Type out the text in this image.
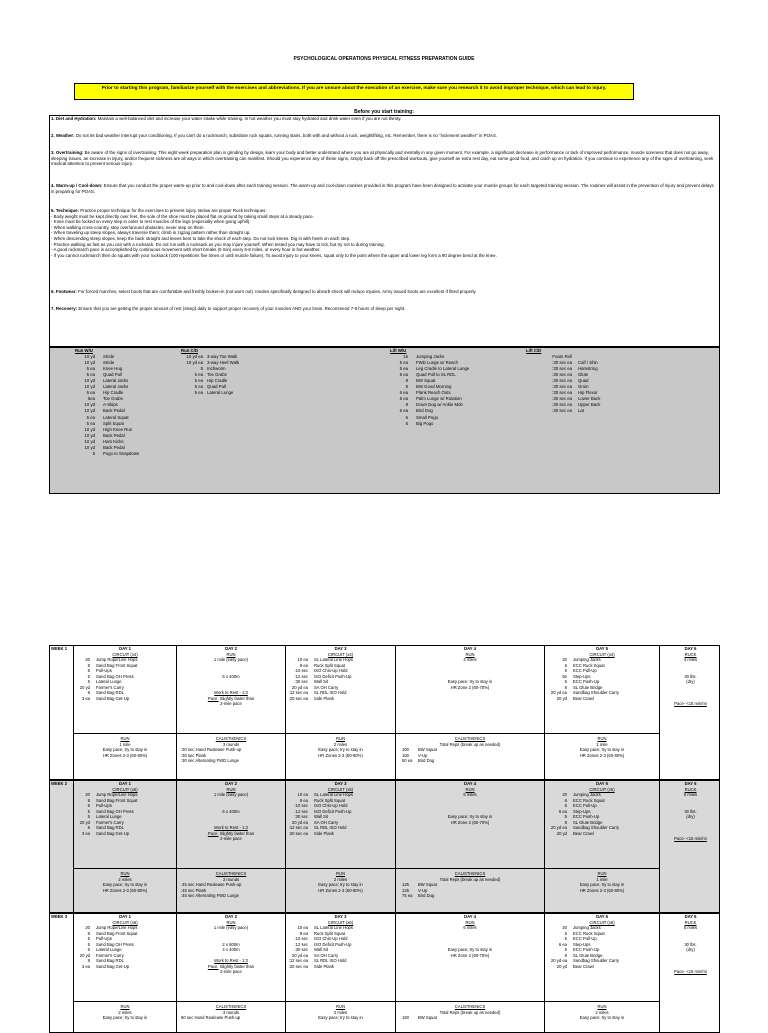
PSYCHOLOGICAL OPERATIONS PHYSICAL FITNESS PREPARATION GUIDE
Prior to starting this program, familiarize yourself with the exercises and abbreviations. If you are unsure about the execution of an exercise, make sure you research it to avoid improper technique, which can lead to injury.
Before you start training:

1. Diet and Hydration: Maintain a well-balanced diet and increase your water intake while training. In hot weather you must stay hydrated and drink water even if you are not thirsty.

2. Weather: Do not let bad weather interrupt your conditioning. If you can't do a ruckmarch, substitute ruck squats, running stairs, both with and without a ruck, weightlifting, etc. Remember, there is no "inclement weather" in POAS.

3. Overtraining: Be aware of the signs of overtraining. This eight week preparation plan is grinding by design, learn your body and better understand where you are at physically and mentally in any given moment. For example, a significant decrease in performance or lack of improved performance, muscle soreness that does not go away, sleeping issues, an increase in injury, and/or frequent sickness are all ways in which overtraining can manifest. Should you experience any of these signs, simply back off the prescribed workouts, give yourself an extra rest day, eat some good food, and catch up on hydration. If you continue to experience any of the signs of overtraining, seek medical attention to prevent serious injury.

4. Warm-up / Cool-down: Ensure that you conduct the proper warm-up prior to and cool-down after each training session. The warm-up and cool-down routines provided in this program have been designed to activate your muscle groups for each targeted training session. The routines will assist in the prevention of injury and prevent delays in preparing for POAS.

5. Technique: Practice proper technique for the exercises to prevent injury. Below are proper Ruck techniques:
- Body weight must be kept directly over feet, the sole of the shoe must be placed flat on ground by taking small steps at a steady pace.
- Knee must be locked on every step in order to rest muscles of the legs (especially when going uphill).
- When walking cross-country, step over/around obstacles; never step on them.
- When traveling up steep slopes, always traverse them; climb in zigzag pattern rather than straight up.
- When descending steep slopes, keep the back straight and knees bent to take the shock of each step. Do not lock knees. Dig in with heels on each step.
- Practice walking as fast as you can with a rucksack. Do not run with a rucksack as you may injure yourself. When tested you may have to trot, but try not to during training.
- A good ruckmarch pace is accomplished by continuous movement with short breaks (5 min) every 6-8 miles, or every hour in hot weather.
- If you cannot ruckmarch then do squats with your rucksack (100 repetitions five times or until muscle failure). To avoid injury to your knees, squat only to the point where the upper and lower leg form a 90 degree bend at the knee.

6. Footwear: For forced marches, select boots that are comfortable and freshly broken-in (not worn out). Insoles specifically designed to absorb shock will reduce injuries. Army issued boots are excellent if fitted properly.

7. Recovery: Ensure that you are getting the proper amount of rest (sleep) daily to support proper recovery of your muscles AND your brain. Recommend 7-8 hours of sleep per night.

Run W/U
10 yd Stride
10 yd Stride
5 ea Knee Hug
5 ea Quad Pull
10 yd Lateral Jacks
10 yd Lateral Jacks
5 ea Hip Cradle
5ea Toe Grabs
10 yd A-Skips
10 yd Back Pedal
5 ea Lateral Squat
5 ea Split Squat
10 yd High Knee Run
10 yd Back Pedal
10 yd Ham Kicks
10 yd Back Pedal
5 Pogo to Snapdown
Run C/D
10 yd ea 3-way Toe Walk
10 yd ea 3-way Heel Walk
5 Inchworm
5 ea Toe Grabs
5 ea Hip Cradle
5 ea Quad Pull
5 ea Lateral Lunge
Lift W/U
15 Jumping Jacks
5 ea FWD Lunge w/ Reach
5 ea Leg Cradle to Lateral Lunge
5 ea Quad Pull to SL RDL
8 BW Squat
8 BW Good Morning
6 ea Plank Reach Outs
5 ea Palm Lunge w/ Rotation
8 Down Dog w/ Ankle Mob
6 ea Bird Dog
6 Small Pogo
6 Big Pogo
Lift C/D
Foam Roll
:30 sec ea Calf / Shin
:30 sec ea Hamstring
:30 sec ea Glute
:30 sec ea Quad
:30 sec ea Groin
:30 sec ea Hip Flexor
:30 sec ea Lower Back
:30 sec ea Upper Back
:30 sec ea Lat
WEEK 1	DAY 1
CIRCUIT (x4)
20 Jump Rope/Line Hops
8 Sand Bag Front Squat
5 Pull-Ups
5 Sand Bag OH Press
5 Lateral Lunge
20 yd Farmer's Carry
8 Sand Bag RDL
3 ea Sand Bag Get-Up
RUN
1 mile
Easy pace; try to stay in
HR Zones 2-3 (60-80%)
DAY 2
RUN
1 mile (easy pace)

5 x 400m

Work to Rest - 1:3
Pace: Slightly faster than
2-mile pace
CALISTHENICS
3 rounds
:30 sec Hand Realease Push-up
:30 sec Plank
:30 sec Alternating FWD Lunge
DAY 3
CIRCUIT (x4)
10 ea SL Lateral Line Hops
8 ea Ruck Split Squat
:10 sec ISO Chin-Up Hold
:12 sec ISO Deficit Push-Up
:30 sec Wall Sit
20 yd ea SA OH Carry
:12 sec ea SL RDL ISO Hold
:20 sec ea Side Plank
RUN
2 miles
Easy pace; try to stay in
HR Zones 2-3 (60-80%)
DAY 4
RUN
4 miles

Easy pace; try to stay in
HR Zone 2 (60-70%)
CALISTHENICS
Total Reps (break up as needed)
100 BW Squat
100 V-Up
50 ea Bird Dog
DAY 5
CIRCUIT (x4)
20 Jumping Jacks
6 ECC Ruck Squat
5 ECC Pull-Up
6e Step-Ups
5 ECC Push-Up
8 SL Glute Bridge
20 yd ea Sandbag Shoulder Carry
20 yd Bear Crawl
RUN
1 mile
Easy pace; try to stay in
HR Zones 2-3 (60-80%)
DAY 6
RUCK
4 miles

30 lbs.
(dry)

Pace- <15 min/mi
WEEK 2	DAY 1
CIRCUIT (x5)
20 Jump Rope/Line Hops
8 Sand Bag Front Squat
5 Pull-Ups
5 Sand Bag OH Press
5 Lateral Lunge
20 yd Farmer's Carry
8 Sand Bag RDL
3 ea Sand Bag Get-Up
RUN
2 miles
Easy pace; try to stay in
HR Zones 2-3 (60-80%)
DAY 2
RUN
1 mile (easy pace)

6 x 400m

Work to Rest - 1:3
Pace: Slightly faster than
2-mile pace
CALISTHENICS
3 rounds
:45 sec Hand Realease Push-up
:45 sec Plank
:45 sec Alternating FWD Lunge
DAY 3
CIRCUIT (x5)
10 ea SL Lateral Line Hops
8 ea Ruck Split Squat
:10 sec ISO Chin-Up Hold
:12 sec ISO Deficit Push-Up
:30 sec Wall Sit
20 yd ea SA OH Carry
:12 sec ea SL RDL ISO Hold
:20 sec ea Side Plank
RUN
2 miles
Easy pace; try to stay in
HR Zones 2-3 (60-80%)
DAY 4
RUN
5 miles

Easy pace; try to stay in
HR Zone 2 (60-70%)
CALISTHENICS
Total Reps (break up as needed)
125 BW Squat
125 V-Up
75 ea Bird Dog
DAY 5
CIRCUIT (x5)
20 Jumping Jacks
6 ECC Ruck Squat
5 ECC Pull-Up
6 ea Step-Ups
5 ECC Push-Up
8 SL Glute Bridge
20 yd ea Sandbag Shoulder Carry
20 yd Bear Crawl
RUN
1 mile
Easy pace; try to stay in
HR Zones 2-3 (60-80%)
DAY 6
RUCK
5 miles

30 lbs.
(dry)

Pace- <15 min/mi
WEEK 3	DAY 1
CIRCUIT (x6)
20 Jump Rope/Line Hops
8 Sand Bag Front Squat
5 Pull-Ups
5 Sand Bag OH Press
5 Lateral Lunge
20 yd Farmer's Carry
8 Sand Bag RDL
3 ea Sand Bag Get-Up
RUN
2 miles
Easy pace; try to stay in
DAY 2
RUN
1 mile (easy pace)

2 x 800m
4 x 400m

Work to Rest - 1:3
Pace: Slightly faster than
2-mile pace
CALISTHENICS
3 rounds
60 sec Hand Realease Push-up
DAY 3
CIRCUIT (x6)
10 ea SL Lateral Line Hops
8 ea Ruck Split Squat
:10 sec ISO Chin-Up Hold
:12 sec ISO Deficit Push-Up
:30 sec Wall Sit
20 yd ea SA OH Carry
:12 sec ea SL RDL ISO Hold
:20 sec ea Side Plank
RUN
2 miles
Easy pace; try to stay in
DAY 4
RUN
6 miles

Easy pace; try to stay in
HR Zone 2 (60-70%)
CALISTHENICS
Total Reps (break up as needed)
150 BW Squat
DAY 5
CIRCUIT (x6)
20 Jumping Jacks
6 ECC Ruck Squat
5 ECC Pull-Up
6 ea Step-Ups
5 ECC Push-Up
8 SL Glute Bridge
20 yd ea Sandbag Shoulder Carry
20 yd Bear Crawl
RUN
2 miles
Easy pace; try to stay in
DAY 6
RUCK
5 miles

30 lbs.
(dry)

Pace- <15 min/mi
